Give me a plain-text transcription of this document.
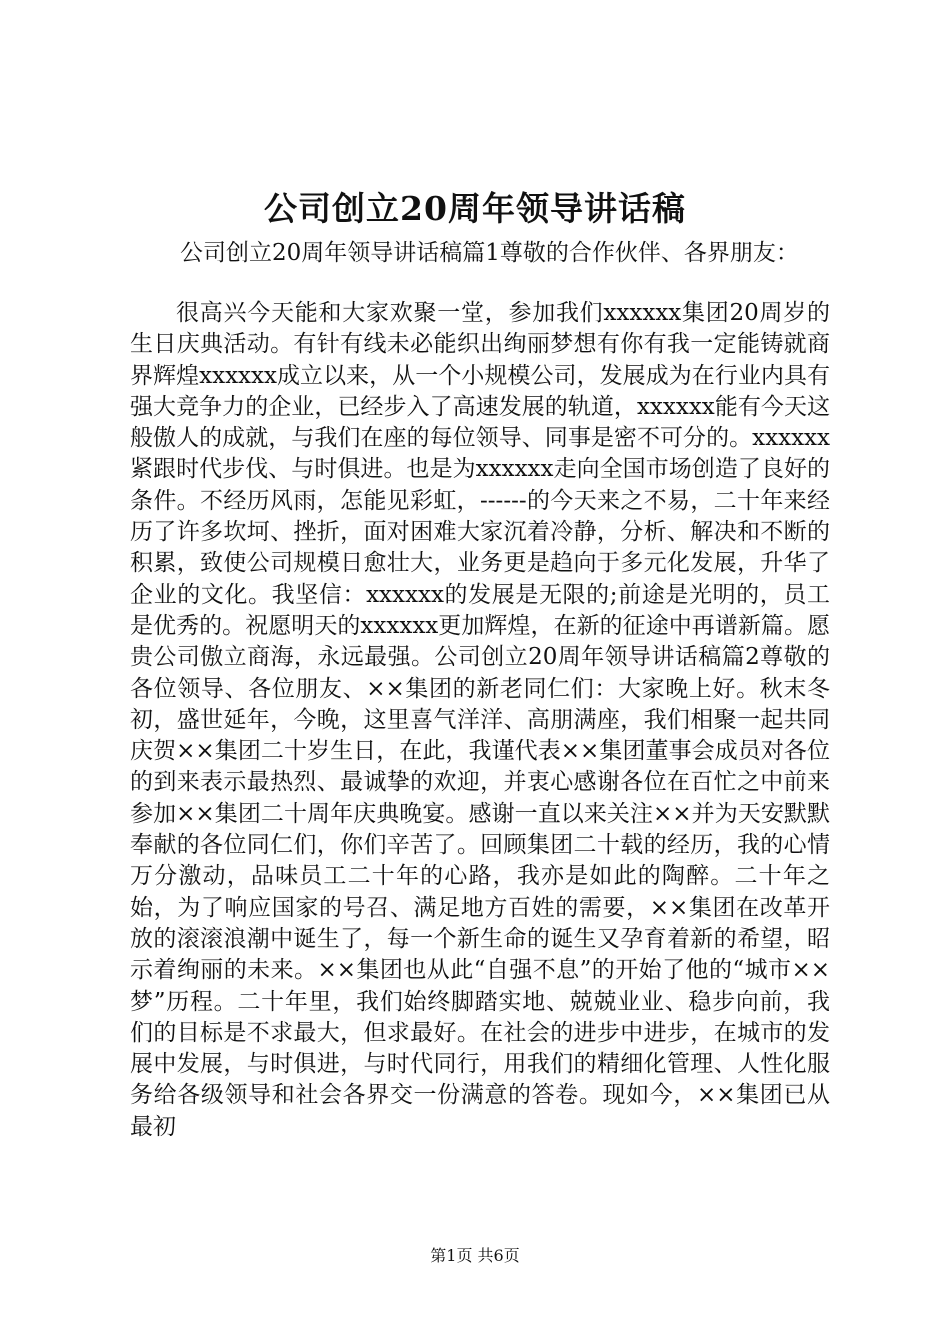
公司创立20周年领导讲话稿

公司创立20周年领导讲话稿篇1尊敬的合作伙伴、各界朋友：

很高兴今天能和大家欢聚一堂，参加我们xxxxxx集团20周岁的生日庆典活动。有针有线未必能织出绚丽梦想有你有我一定能铸就商界辉煌xxxxxx成立以来，从一个小规模公司，发展成为在行业内具有强大竞争力的企业，已经步入了高速发展的轨道，xxxxxx能有今天这般傲人的成就，与我们在座的每位领导、同事是密不可分的。xxxxxx紧跟时代步伐、与时俱进。也是为xxxxxx走向全国市场创造了良好的条件。不经历风雨，怎能见彩虹，------的今天来之不易，二十年来经历了许多坎坷、挫折，面对困难大家沉着冷静，分析、解决和不断的积累，致使公司规模日愈壮大，业务更是趋向于多元化发展，升华了企业的文化。我坚信：xxxxxx的发展是无限的;前途是光明的，员工是优秀的。祝愿明天的xxxxxx更加辉煌，在新的征途中再谱新篇。愿贵公司傲立商海，永远最强。公司创立20周年领导讲话稿篇2尊敬的各位领导、各位朋友、××集团的新老同仁们：大家晚上好。秋末冬初，盛世延年，今晚，这里喜气洋洋、高朋满座，我们相聚一起共同庆贺××集团二十岁生日，在此，我谨代表××集团董事会成员对各位的到来表示最热烈、最诚挚的欢迎，并衷心感谢各位在百忙之中前来参加××集团二十周年庆典晚宴。感谢一直以来关注××并为天安默默奉献的各位同仁们，你们辛苦了。回顾集团二十载的经历，我的心情万分激动，品味员工二十年的心路，我亦是如此的陶醉。二十年之始，为了响应国家的号召、满足地方百姓的需要，××集团在改革开放的滚滚浪潮中诞生了，每一个新生命的诞生又孕育着新的希望，昭示着绚丽的未来。××集团也从此“自强不息”的开始了他的“城市××梦”历程。二十年里，我们始终脚踏实地、兢兢业业、稳步向前，我们的目标是不求最大，但求最好。在社会的进步中进步，在城市的发展中发展，与时俱进，与时代同行，用我们的精细化管理、人性化服务给各级领导和社会各界交一份满意的答卷。现如今，××集团已从最初

第1页 共6页
